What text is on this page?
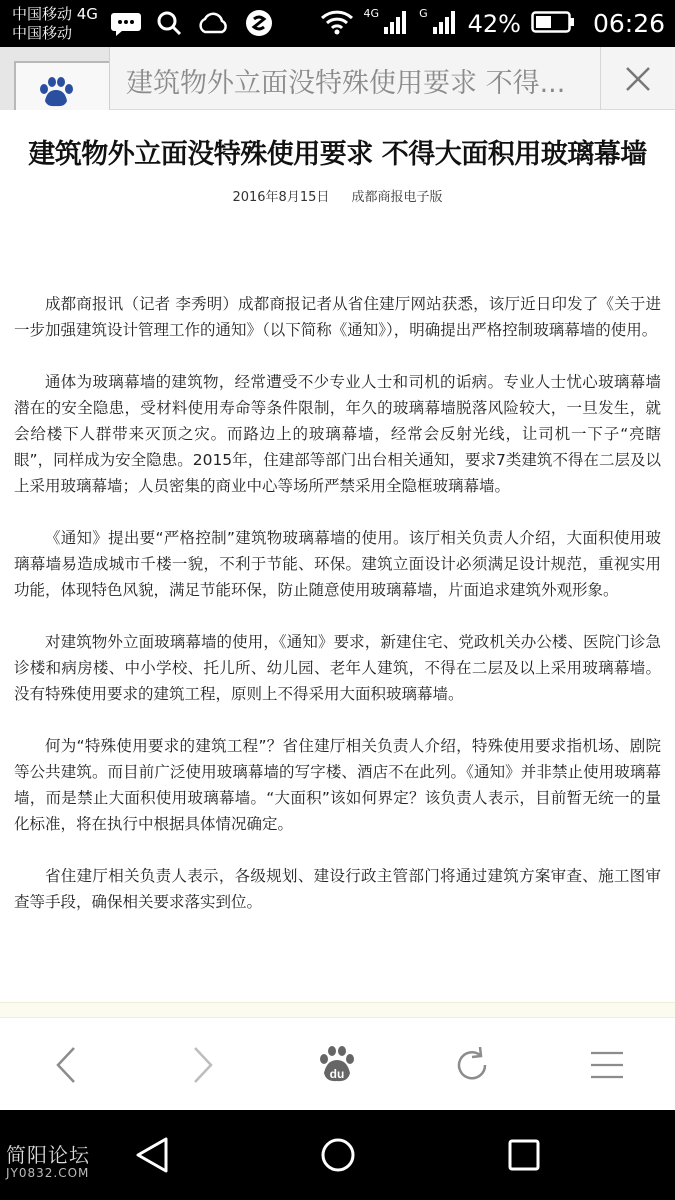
中国移动 4G
中国移动
4G	G 42%	06:26
建筑物外立面没特殊使用要求 不得...
建筑物外立面没特殊使用要求 不得大面积用玻璃幕墙
2016年8月15日 成都商报电子版

成都商报讯（记者 李秀明）成都商报记者从省住建厅网站获悉，该厅近日印发了《关于进一步加强建筑设计管理工作的通知》（以下简称《通知》），明确提出严格控制玻璃幕墙的使用。

通体为玻璃幕墙的建筑物，经常遭受不少专业人士和司机的诟病。专业人士忧心玻璃幕墙潜在的安全隐患，受材料使用寿命等条件限制，年久的玻璃幕墙脱落风险较大，一旦发生，就会给楼下人群带来灭顶之灾。而路边上的玻璃幕墙，经常会反射光线，让司机一下子“亮瞎眼”，同样成为安全隐患。2015年，住建部等部门出台相关通知，要求7类建筑不得在二层及以上采用玻璃幕墙；人员密集的商业中心等场所严禁采用全隐框玻璃幕墙。

《通知》提出要“严格控制”建筑物玻璃幕墙的使用。该厅相关负责人介绍，大面积使用玻璃幕墙易造成城市千楼一貌，不利于节能、环保。建筑立面设计必须满足设计规范，重视实用功能，体现特色风貌，满足节能环保，防止随意使用玻璃幕墙，片面追求建筑外观形象。

对建筑物外立面玻璃幕墙的使用，《通知》要求，新建住宅、党政机关办公楼、医院门诊急诊楼和病房楼、中小学校、托儿所、幼儿园、老年人建筑，不得在二层及以上采用玻璃幕墙。没有特殊使用要求的建筑工程，原则上不得采用大面积玻璃幕墙。

何为“特殊使用要求的建筑工程”？省住建厅相关负责人介绍，特殊使用要求指机场、剧院等公共建筑。而目前广泛使用玻璃幕墙的写字楼、酒店不在此列。《通知》并非禁止使用玻璃幕墙，而是禁止大面积使用玻璃幕墙。“大面积”该如何界定？该负责人表示，目前暂无统一的量化标准，将在执行中根据具体情况确定。

省住建厅相关负责人表示，各级规划、建设行政主管部门将通过建筑方案审查、施工图审查等手段，确保相关要求落实到位。

du
简阳论坛
JY0832.COM
